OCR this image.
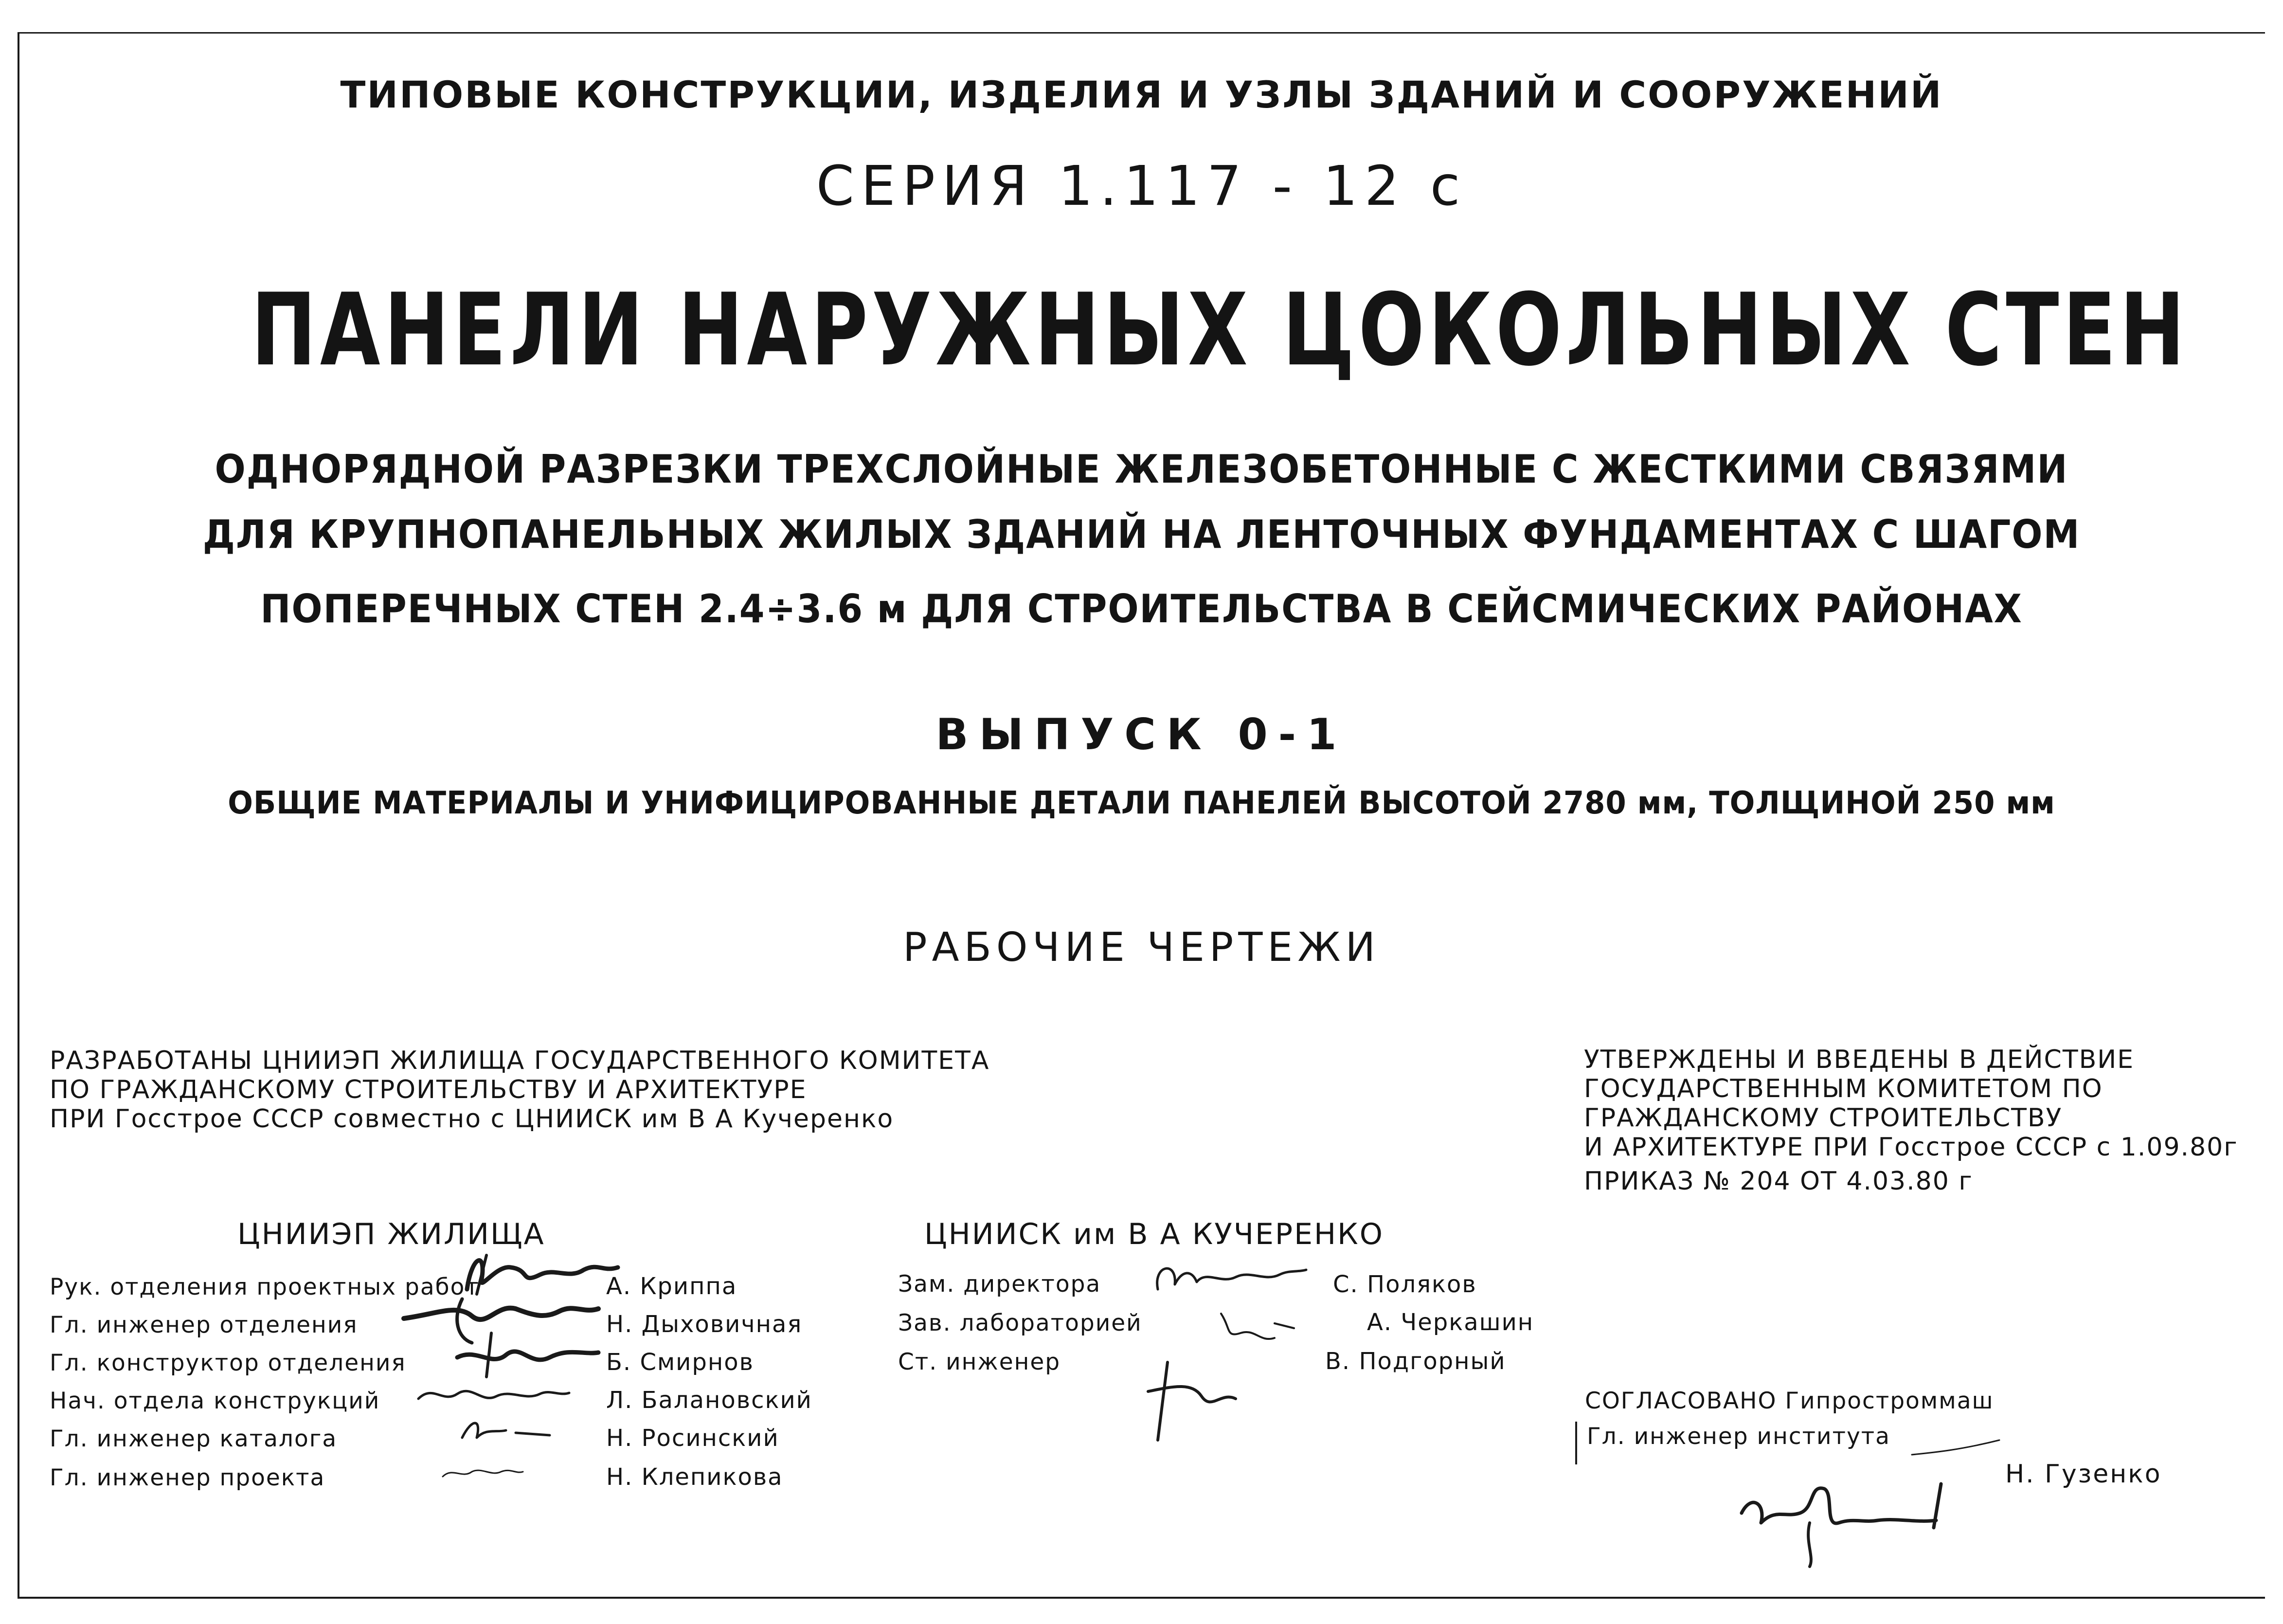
ТИПОВЫЕ КОНСТРУКЦИИ, ИЗДЕЛИЯ И УЗЛЫ ЗДАНИЙ И СООРУЖЕНИЙ
СЕРИЯ 1.117 - 12 с
ПАНЕЛИ НАРУЖНЫХ ЦОКОЛЬНЫХ СТЕН
ОДНОРЯДНОЙ РАЗРЕЗКИ ТРЕХСЛОЙНЫЕ ЖЕЛЕЗОБЕТОННЫЕ С ЖЕСТКИМИ СВЯЗЯМИ
ДЛЯ КРУПНОПАНЕЛЬНЫХ ЖИЛЫХ ЗДАНИЙ НА ЛЕНТОЧНЫХ ФУНДАМЕНТАХ С ШАГОМ
ПОПЕРЕЧНЫХ СТЕН 2.4÷3.6 м ДЛЯ СТРОИТЕЛЬСТВА В СЕЙСМИЧЕСКИХ РАЙОНАХ
ВЫПУСК 0-1
ОБЩИЕ МАТЕРИАЛЫ И УНИФИЦИРОВАННЫЕ ДЕТАЛИ ПАНЕЛЕЙ ВЫСОТОЙ 2780 мм, ТОЛЩИНОЙ 250 мм
РАБОЧИЕ ЧЕРТЕЖИ
РАЗРАБОТАНЫ ЦНИИЭП ЖИЛИЩА ГОСУДАРСТВЕННОГО КОМИТЕТА
ПО ГРАЖДАНСКОМУ СТРОИТЕЛЬСТВУ И АРХИТЕКТУРЕ
ПРИ Госстрое СССР совместно с ЦНИИСК им В А Кучеренко
УТВЕРЖДЕНЫ И ВВЕДЕНЫ В ДЕЙСТВИЕ
ГОСУДАРСТВЕННЫМ КОМИТЕТОМ ПО
ГРАЖДАНСКОМУ СТРОИТЕЛЬСТВУ
И АРХИТЕКТУРЕ ПРИ Госстрое СССР с 1.09.80г
ПРИКАЗ № 204 ОТ 4.03.80 г
ЦНИИЭП ЖИЛИЩА	ЦНИИСК им В А КУЧЕРЕНКО
Рук. отделения проектных работ	А. Криппа
Гл. инженер отделения	Н. Дыховичная
Гл. конструктор отделения	Б. Смирнов
Нач. отдела конструкций	Л. Балановский
Гл. инженер каталога	Н. Росинский
Гл. инженер проекта	Н. Клепикова
Зам. директора	С. Поляков
Зав. лабораторией	А. Черкашин
Ст. инженер	В. Подгорный
СОГЛАСОВАНО Гипростроммаш
Гл. инженер института
Н. Гузенко
